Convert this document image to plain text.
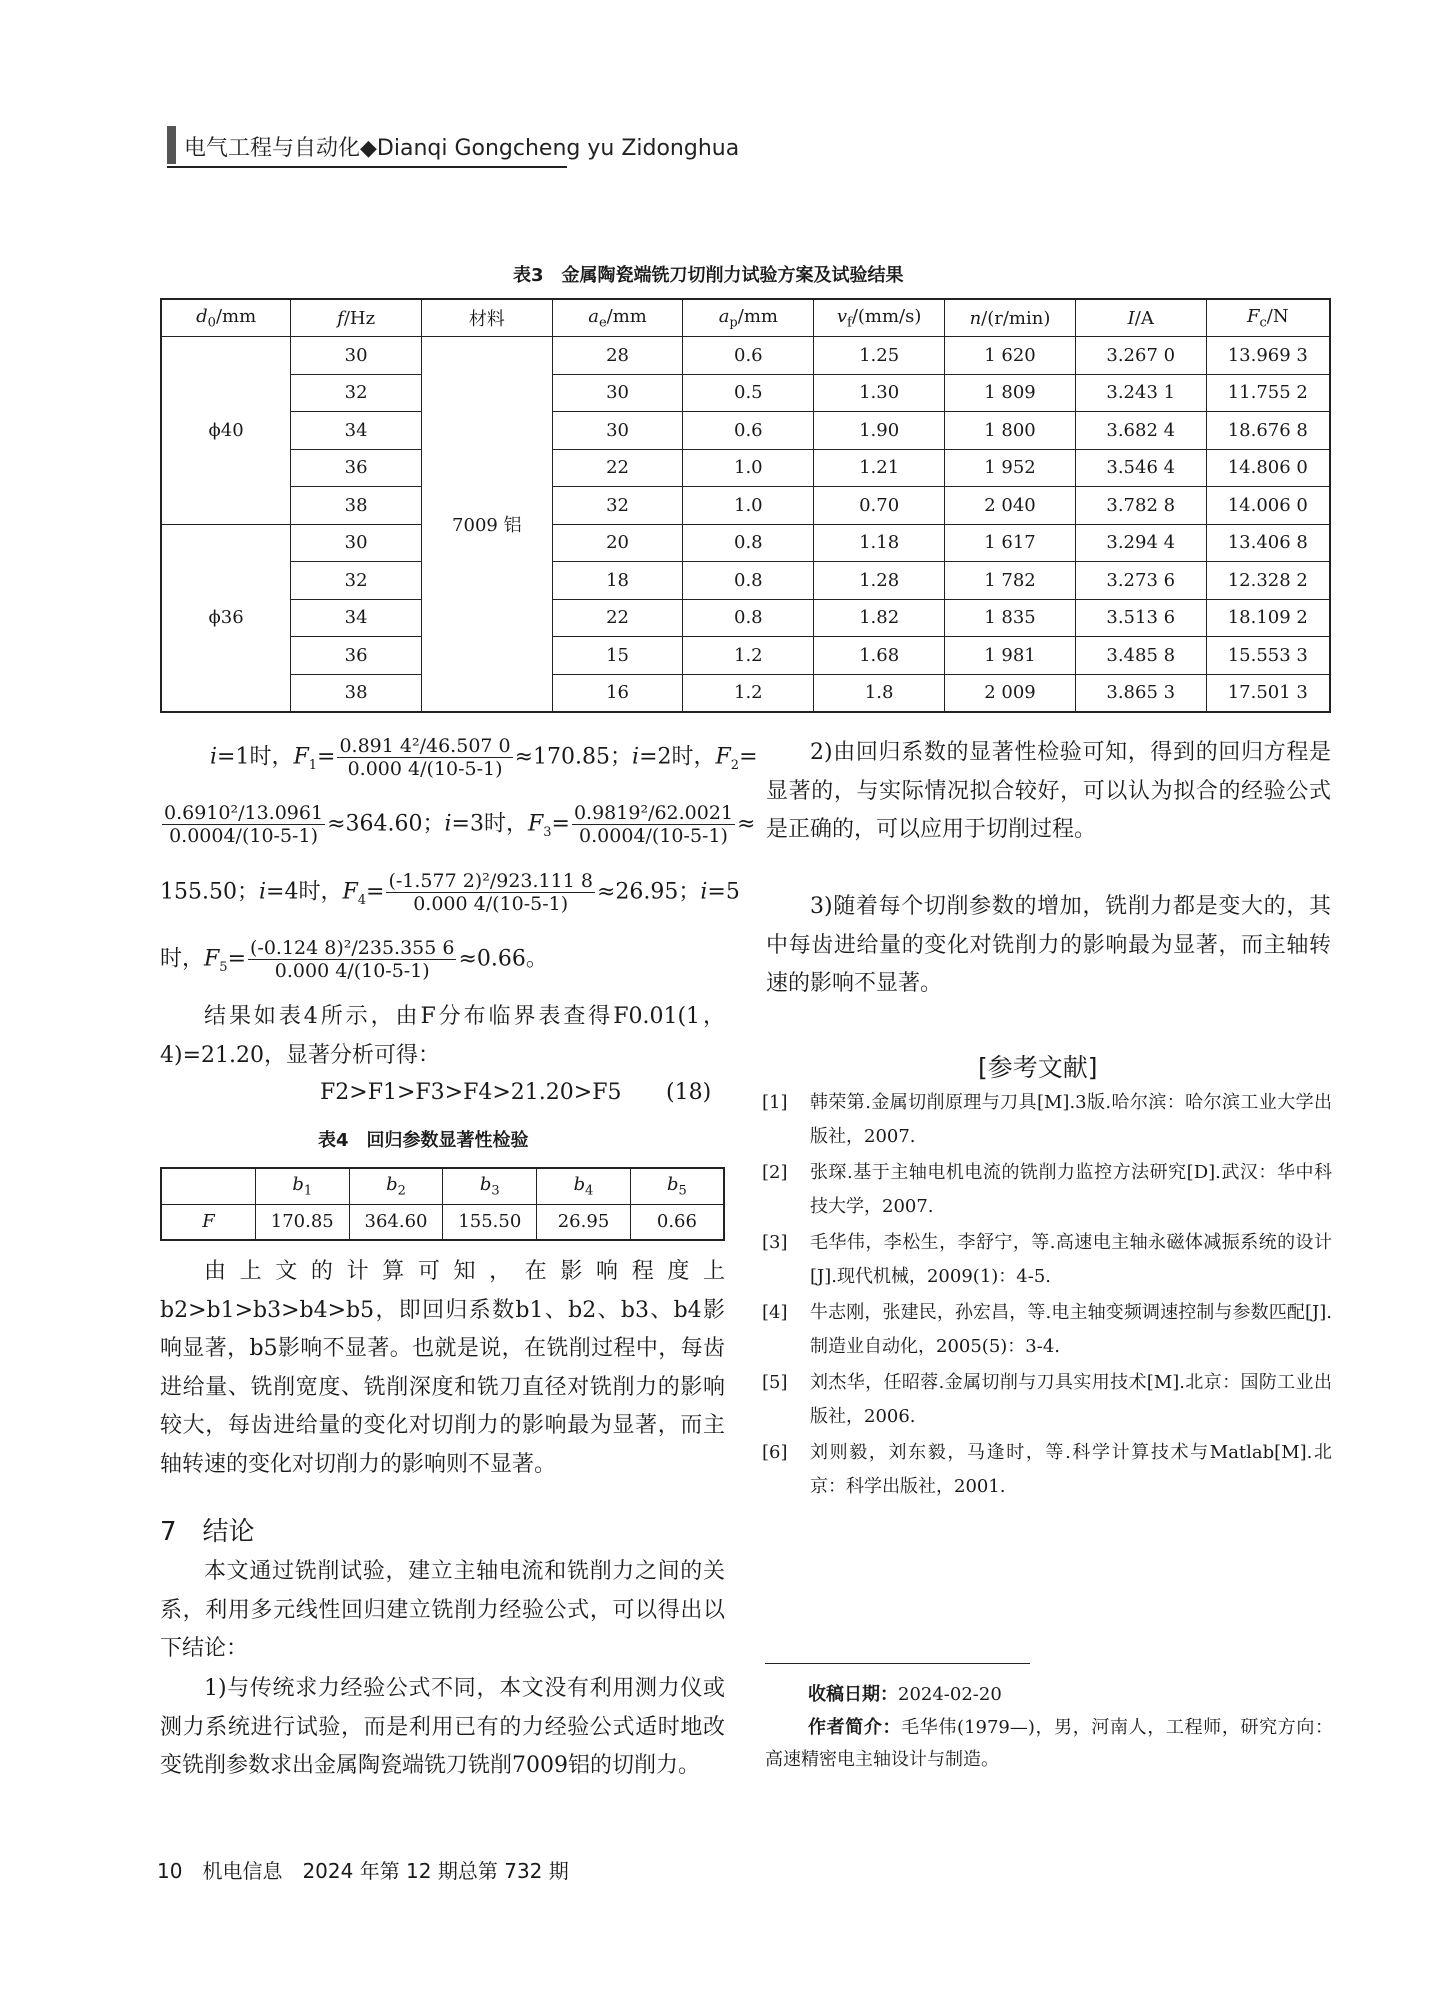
电气工程与自动化◆Dianqi Gongcheng yu Zidonghua
表3　金属陶瓷端铣刀切削力试验方案及试验结果
$d_0/mm$	f/Hz	材料	$a_e/mm$	$a_p/mm$	$v_f/(mm/s)$	n/(r/min)	I/A	$F_c/N$
ϕ40	30	7009 铝	28	0.6	1.25	1 620	3.267 0	13.969 3
	32		30	0.5	1.30	1 809	3.243 1	11.755 2
	34		30	0.6	1.90	1 800	3.682 4	18.676 8
	36		22	1.0	1.21	1 952	3.546 4	14.806 0
	38		32	1.0	0.70	2 040	3.782 8	14.006 0
ϕ36	30		20	0.8	1.18	1 617	3.294 4	13.406 8
	32		18	0.8	1.28	1 782	3.273 6	12.328 2
	34		22	0.8	1.82	1 835	3.513 6	18.109 2
	36		15	1.2	1.68	1 981	3.485 8	15.553 3
	38		16	1.2	1.8	2 009	3.865 3	17.501 3
i=1时，$F_1= \frac{\text{0.891 4²/46.507 0}}{0.000 4/(10-5-1)} \approx 170.85$；i=2时，$F_2=$
$\frac{\text{0.6910²/13.0961}}{0.0004/(10-5-1)} \approx 364.60$；i=3时，$F_3= \frac{\text{0.9819²/62.0021}}{0.0004/(10-5-1)}$ ≈
155.50；i=4时，$F_4= \frac{\text{(-1.577 2)²/923.111 8}}{0.000 4/(10-5-1)} \approx 26.95$；i=5
时，$F_5= \frac{\text{(-0.124 8)²/235.355 6}}{0.000 4/(10-5-1)} \approx 0.66$。
结果如表4所示，由F分布临界表查得F0.01(1，4)=21.20，显著分析可得：
F2>F1>F3>F4>21.20>F5 (18)
表4　回归参数显著性检验
	$b_1$	$b_2$	$b_3$	$b_4$	$b_5$
F	170.85	364.60	155.50	26.95	0.66
由上文的计算可知，在影响程度上b2>b1>b3>b4>b5，即回归系数b1、b2、b3、b4影响显著，b5影响不显著。也就是说，在铣削过程中，每齿进给量、铣削宽度、铣削深度和铣刀直径对铣削力的影响较大，每齿进给量的变化对切削力的影响最为显著，而主轴转速的变化对切削力的影响则不显著。
7　结论
本文通过铣削试验，建立主轴电流和铣削力之间的关系，利用多元线性回归建立铣削力经验公式，可以得出以下结论：
1)与传统求力经验公式不同，本文没有利用测力仪或测力系统进行试验，而是利用已有的力经验公式适时地改变铣削参数求出金属陶瓷端铣刀铣削7009铝的切削力。
2)由回归系数的显著性检验可知，得到的回归方程是显著的，与实际情况拟合较好，可以认为拟合的经验公式是正确的，可以应用于切削过程。
3)随着每个切削参数的增加，铣削力都是变大的，其中每齿进给量的变化对铣削力的影响最为显著，而主轴转速的影响不显著。
[参考文献]
[1] 韩荣第.金属切削原理与刀具[M].3版.哈尔滨：哈尔滨工业大学出版社，2007.
[2] 张琛.基于主轴电机电流的铣削力监控方法研究[D].武汉：华中科技大学，2007.
[3] 毛华伟，李松生，李舒宁，等.高速电主轴永磁体减振系统的设计[J].现代机械，2009(1)：4-5.
[4] 牛志刚，张建民，孙宏昌，等.电主轴变频调速控制与参数匹配[J].制造业自动化，2005(5)：3-4.
[5] 刘杰华，任昭蓉.金属切削与刀具实用技术[M].北京：国防工业出版社，2006.
[6] 刘则毅，刘东毅，马逢时，等.科学计算技术与Matlab[M].北京：科学出版社，2001.
收稿日期：2024-02-20
作者简介：毛华伟(1979—)，男，河南人，工程师，研究方向：高速精密电主轴设计与制造。
10　机电信息　2024 年第 12 期总第 732 期
